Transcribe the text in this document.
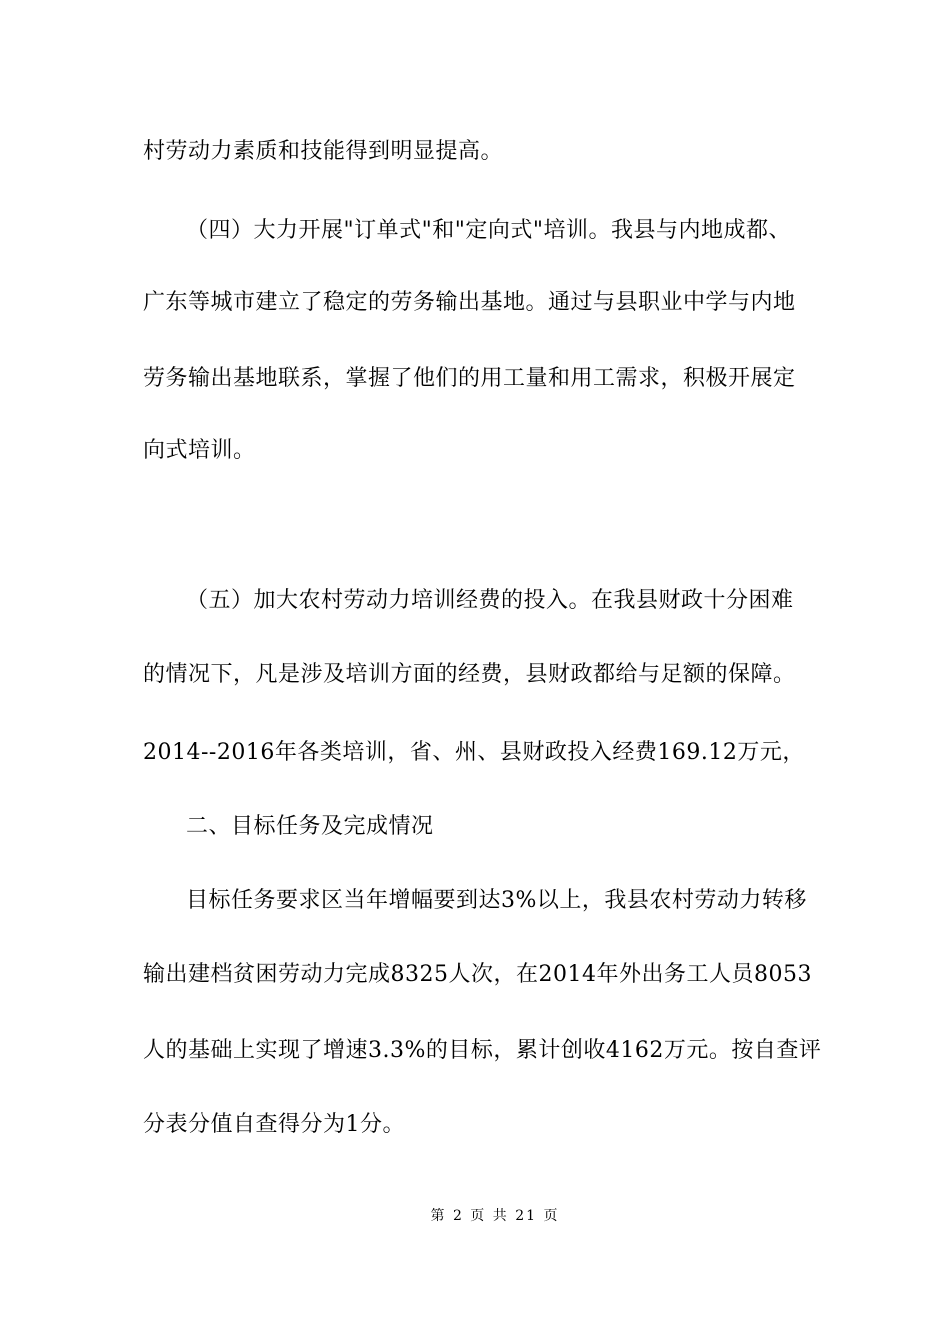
村劳动力素质和技能得到明显提高。
（四）大力开展"订单式"和"定向式"培训。我县与内地成都、
广东等城市建立了稳定的劳务输出基地。通过与县职业中学与内地
劳务输出基地联系，掌握了他们的用工量和用工需求，积极开展定
向式培训。
（五）加大农村劳动力培训经费的投入。在我县财政十分困难
的情况下，凡是涉及培训方面的经费，县财政都给与足额的保障。
2014--2016年各类培训，省、州、县财政投入经费169.12万元，
二、目标任务及完成情况
目标任务要求区当年增幅要到达3%以上，我县农村劳动力转移
输出建档贫困劳动力完成8325人次，在2014年外出务工人员8053
人的基础上实现了增速3.3%的目标，累计创收4162万元。按自查评
分表分值自查得分为1分。
第 2 页 共 21 页
